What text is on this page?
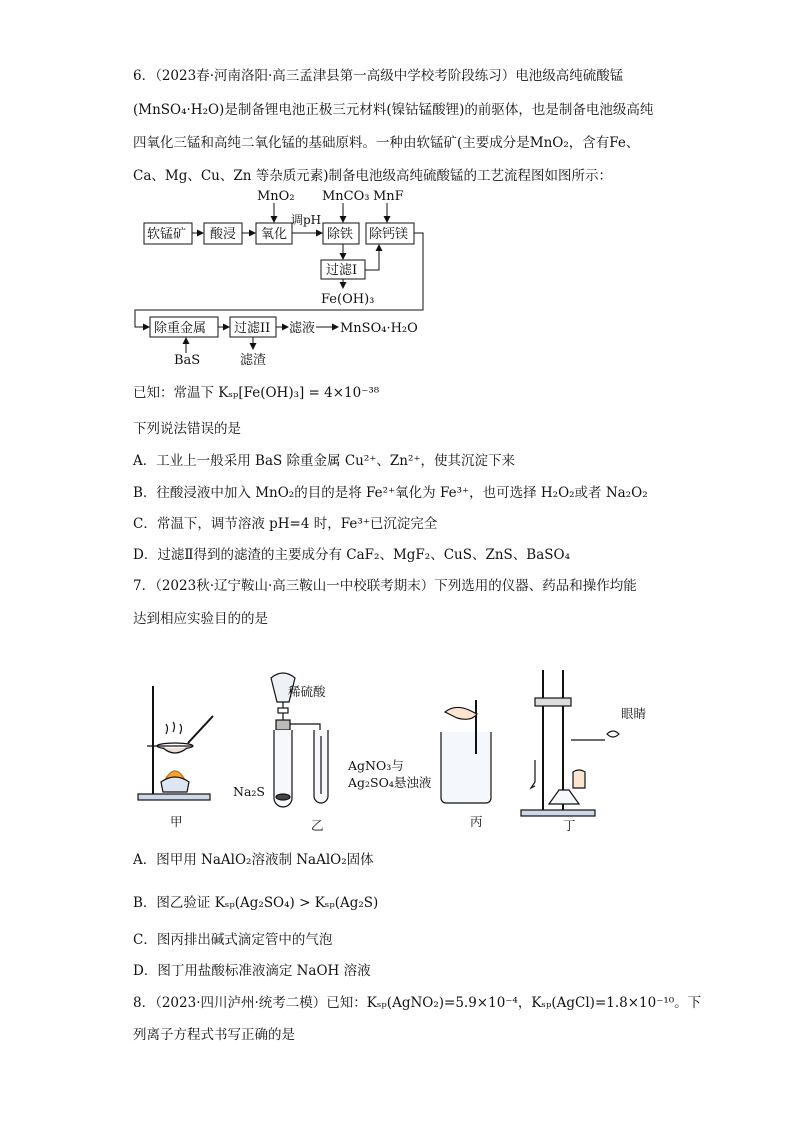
6．（2023春·河南洛阳·高三孟津县第一高级中学校考阶段练习）电池级高纯硫酸锰
(MnSO₄·H₂O)是制备锂电池正极三元材料(镍钴锰酸锂)的前驱体，也是制备电池级高纯
四氧化三锰和高纯二氧化锰的基础原料。一种由软锰矿(主要成分是MnO₂，含有Fe、
Ca、Mg、Cu、Zn 等杂质元素)制备电池级高纯硫酸锰的工艺流程图如图所示：
软锰矿 酸浸 氧化	除铁 除钙镁
过滤I
除重金属 过滤II
MnO₂ MnCO₃ MnF
调pH
Fe(OH)₃
BaS	滤渣
滤液 MnSO₄·H₂O
已知：常温下 Kₛₚ[Fe(OH)₃] = 4×10⁻³⁸
下列说法错误的是
A．工业上一般采用 BaS 除重金属 Cu²⁺、Zn²⁺，使其沉淀下来
B．往酸浸液中加入 MnO₂的目的是将 Fe²⁺氧化为 Fe³⁺，也可选择 H₂O₂或者 Na₂O₂
C．常温下，调节溶液 pH=4 时，Fe³⁺已沉淀完全
D．过滤Ⅱ得到的滤渣的主要成分有 CaF₂、MgF₂、CuS、ZnS、BaSO₄
7．（2023秋·辽宁鞍山·高三鞍山一中校联考期末）下列选用的仪器、药品和操作均能
达到相应实验目的的是
稀硫酸
Na₂S
AgNO₃与
Ag₂SO₄悬浊液
眼睛
甲	乙	丙	丁
A．图甲用 NaAlO₂溶液制 NaAlO₂固体
B．图乙验证 Kₛₚ(Ag₂SO₄) > Kₛₚ(Ag₂S)
C．图丙排出碱式滴定管中的气泡
D．图丁用盐酸标准液滴定 NaOH 溶液
8．（2023·四川泸州·统考二模）已知：Kₛₚ(AgNO₂)=5.9×10⁻⁴，Kₛₚ(AgCl)=1.8×10⁻¹⁰。下
列离子方程式书写正确的是
